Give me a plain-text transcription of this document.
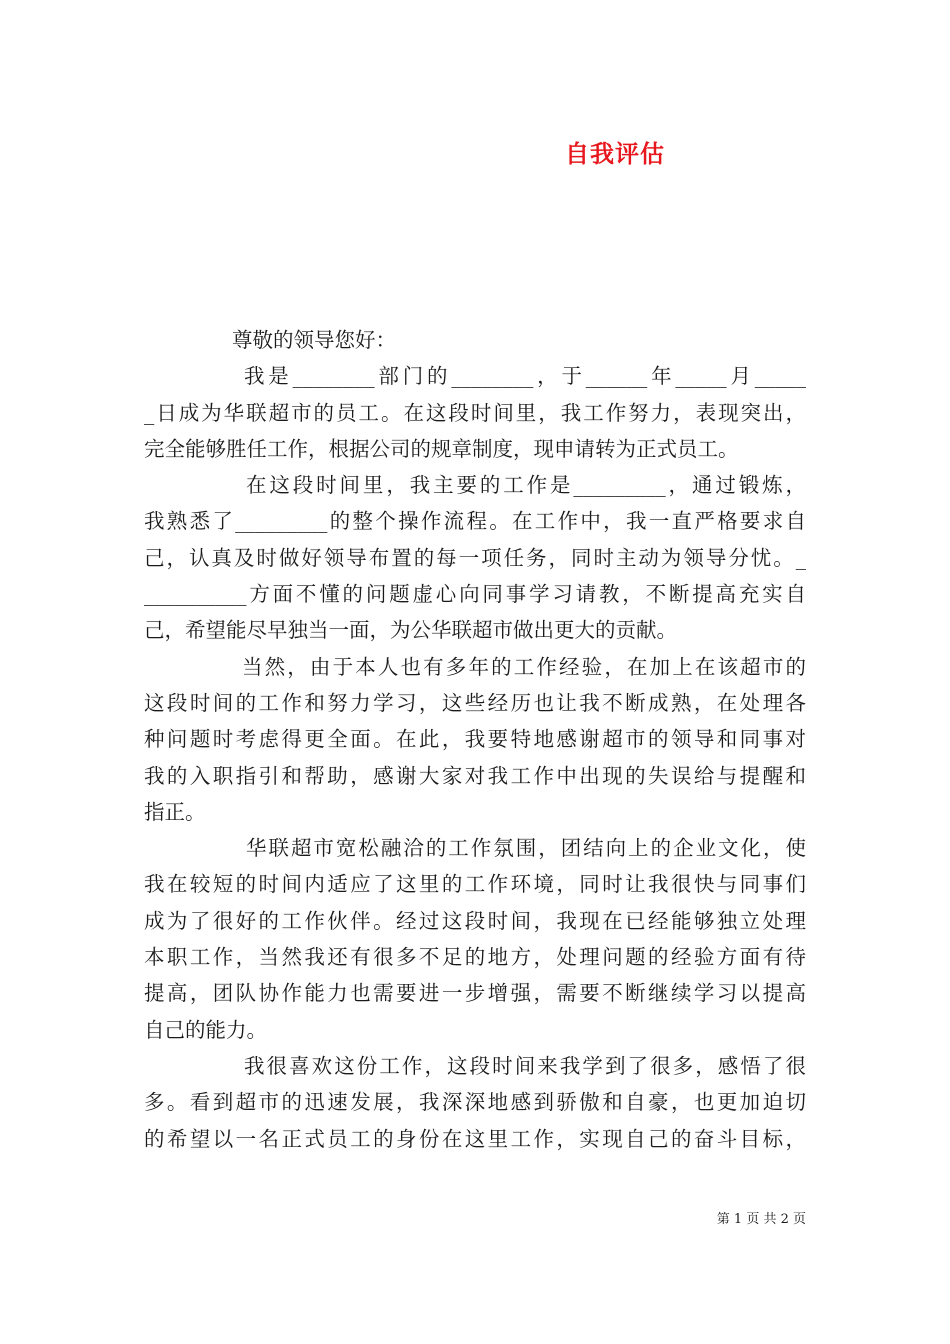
自我评估
尊敬的领导您好：
我是________部门的________，于______年_____月_____
_日成为华联超市的员工。在这段时间里，我工作努力，表现突出，
完全能够胜任工作，根据公司的规章制度，现申请转为正式员工。
在这段时间里，我主要的工作是_________，通过锻炼，
我熟悉了_________的整个操作流程。在工作中，我一直严格要求自
己，认真及时做好领导布置的每一项任务，同时主动为领导分忧。_
__________方面不懂的问题虚心向同事学习请教，不断提高充实自
己，希望能尽早独当一面，为公华联超市做出更大的贡献。
当然，由于本人也有多年的工作经验，在加上在该超市的
这段时间的工作和努力学习，这些经历也让我不断成熟，在处理各
种问题时考虑得更全面。在此，我要特地感谢超市的领导和同事对
我的入职指引和帮助，感谢大家对我工作中出现的失误给与提醒和
指正。
华联超市宽松融洽的工作氛围，团结向上的企业文化，使
我在较短的时间内适应了这里的工作环境，同时让我很快与同事们
成为了很好的工作伙伴。经过这段时间，我现在已经能够独立处理
本职工作，当然我还有很多不足的地方，处理问题的经验方面有待
提高，团队协作能力也需要进一步增强，需要不断继续学习以提高
自己的能力。
我很喜欢这份工作，这段时间来我学到了很多，感悟了很
多。看到超市的迅速发展，我深深地感到骄傲和自豪，也更加迫切
的希望以一名正式员工的身份在这里工作，实现自己的奋斗目标，
第 1 页 共 2 页
